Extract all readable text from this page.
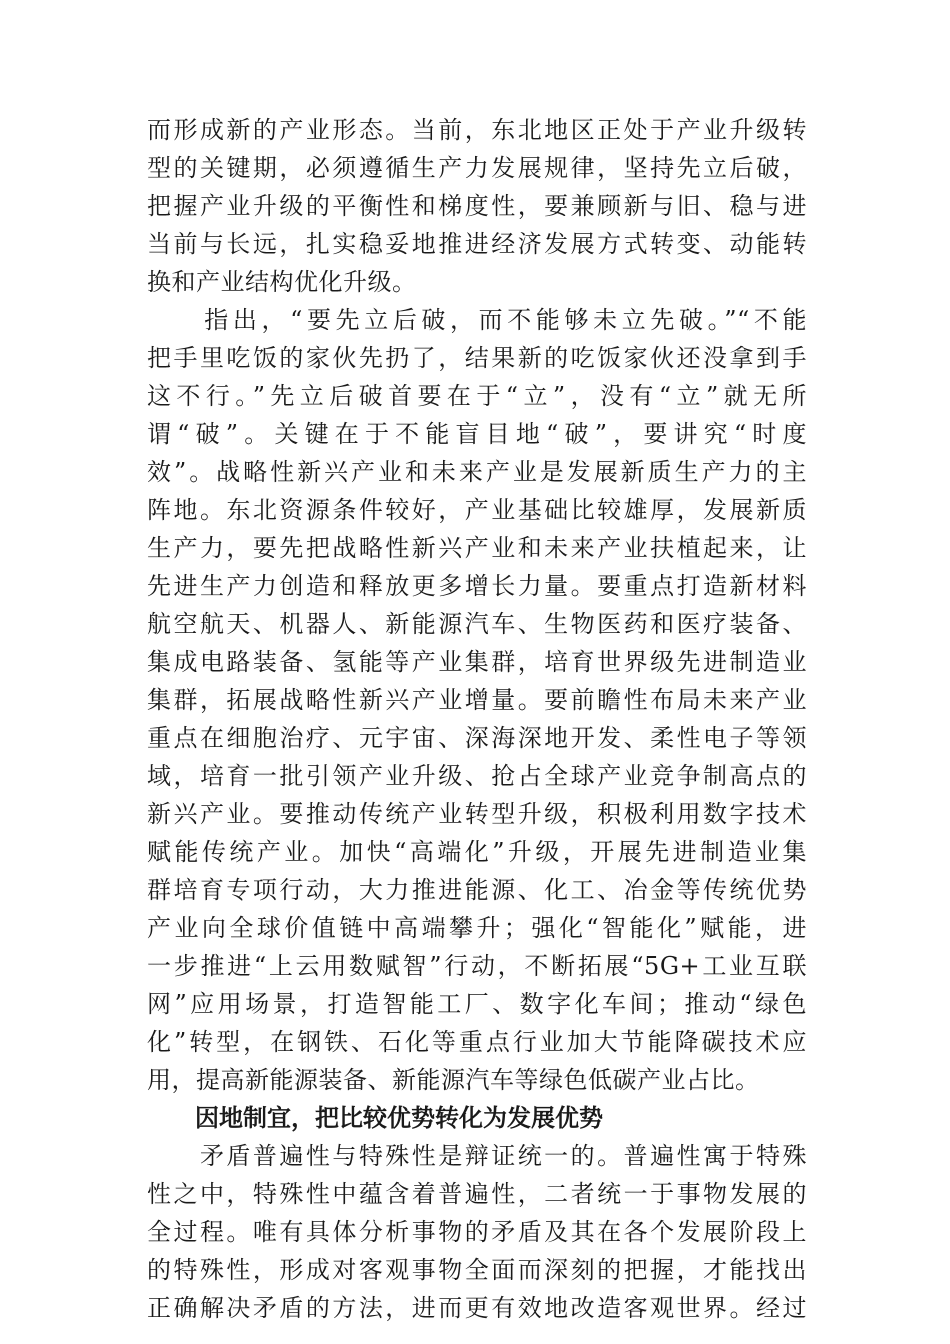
而形成新的产业形态。当前，东北地区正处于产业升级转
型的关键期，必须遵循生产力发展规律，坚持先立后破，
把握产业升级的平衡性和梯度性，要兼顾新与旧、稳与进
当前与长远，扎实稳妥地推进经济发展方式转变、动能转
换和产业结构优化升级。
　　指出，“要先立后破，而不能够未立先破。”“不能
把手里吃饭的家伙先扔了，结果新的吃饭家伙还没拿到手
这不行。”先立后破首要在于“立”，没有“立”就无所
谓“破”。关键在于不能盲目地“破”，要讲究“时度
效”。战略性新兴产业和未来产业是发展新质生产力的主
阵地。东北资源条件较好，产业基础比较雄厚，发展新质
生产力，要先把战略性新兴产业和未来产业扶植起来，让
先进生产力创造和释放更多增长力量。要重点打造新材料
航空航天、机器人、新能源汽车、生物医药和医疗装备、
集成电路装备、氢能等产业集群，培育世界级先进制造业
集群，拓展战略性新兴产业增量。要前瞻性布局未来产业
重点在细胞治疗、元宇宙、深海深地开发、柔性电子等领
域，培育一批引领产业升级、抢占全球产业竞争制高点的
新兴产业。要推动传统产业转型升级，积极利用数字技术
赋能传统产业。加快“高端化”升级，开展先进制造业集
群培育专项行动，大力推进能源、化工、冶金等传统优势
产业向全球价值链中高端攀升；强化“智能化”赋能，进
一步推进“上云用数赋智”行动，不断拓展“5G+工业互联
网”应用场景，打造智能工厂、数字化车间；推动“绿色
化”转型，在钢铁、石化等重点行业加大节能降碳技术应
用，提高新能源装备、新能源汽车等绿色低碳产业占比。
　　因地制宜，把比较优势转化为发展优势
　　矛盾普遍性与特殊性是辩证统一的。普遍性寓于特殊
性之中，特殊性中蕴含着普遍性，二者统一于事物发展的
全过程。唯有具体分析事物的矛盾及其在各个发展阶段上
的特殊性，形成对客观事物全面而深刻的把握，才能找出
正确解决矛盾的方法，进而更有效地改造客观世界。经过
